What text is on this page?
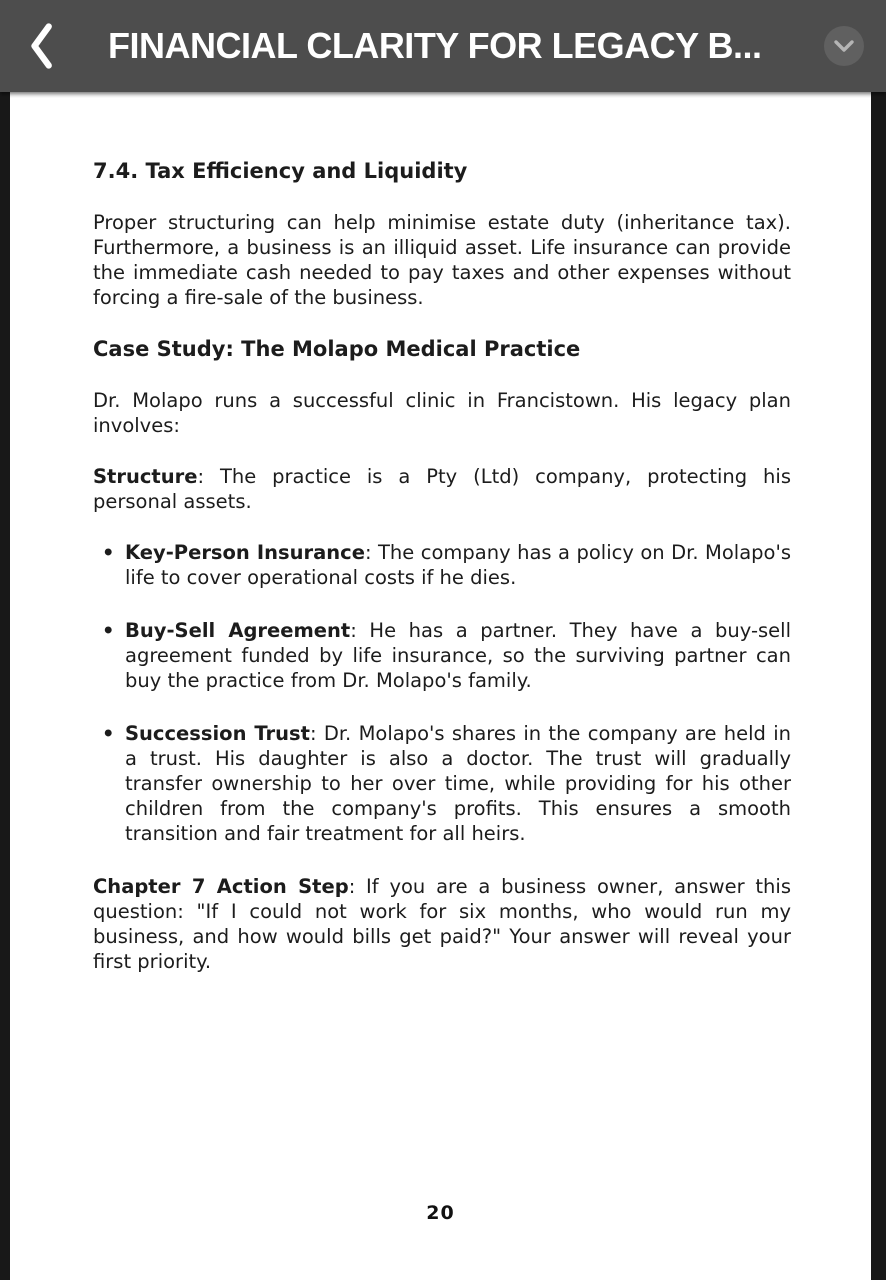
FINANCIAL CLARITY FOR LEGACY B...
7.4. Tax Efficiency and Liquidity

Proper structuring can help minimise estate duty (inheritance tax). Furthermore, a business is an illiquid asset. Life insurance can provide the immediate cash needed to pay taxes and other expenses without forcing a fire-sale of the business.

Case Study: The Molapo Medical Practice

Dr. Molapo runs a successful clinic in Francistown. His legacy plan involves:

Structure: The practice is a Pty (Ltd) company, protecting his personal assets.

• Key-Person Insurance: The company has a policy on Dr. Molapo's life to cover operational costs if he dies.
• Buy-Sell Agreement: He has a partner. They have a buy-sell agreement funded by life insurance, so the surviving partner can buy the practice from Dr. Molapo's family.
• Succession Trust: Dr. Molapo's shares in the company are held in a trust. His daughter is also a doctor. The trust will gradually transfer ownership to her over time, while providing for his other children from the company's profits. This ensures a smooth transition and fair treatment for all heirs.

Chapter 7 Action Step: If you are a business owner, answer this question: "If I could not work for six months, who would run my business, and how would bills get paid?" Your answer will reveal your first priority.

20
